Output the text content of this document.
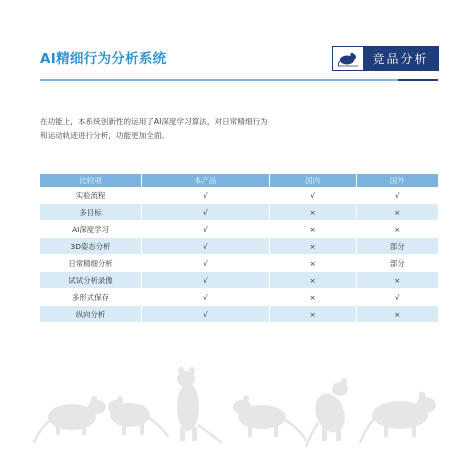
AI精细行为分析系统	竞品分析

在功能上，本系统创新性的运用了AI深度学习算法，对日常精细行为

和运动轨迹进行分析，功能更加全面。

比较项	本产品	国内	国外
实验流程	√	√	√
多目标	√	×	×
AI深度学习	√	×	×
3D姿态分析	√	×	部分
日常精细分析	√	×	部分
试试分析录像	√	×	×
多形式保存	√	×	√
纵向分析	√	×	×
